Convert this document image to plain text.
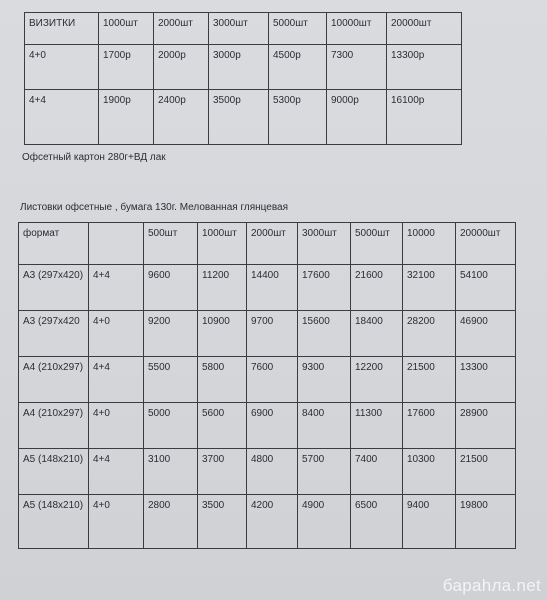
ВИЗИТКИ	1000шт	2000шт	3000шт	5000шт	10000шт	20000шт
4+0	1700р	2000р	3000р	4500р	7300	13300р
4+4	1900р	2400р	3500р	5300р	9000р	16100р
Офсетный картон 280г+ВД лак
Листовки офсетные , бумага 130г. Мелованная глянцевая
формат		500шт	1000шт	2000шт	3000шт	5000шт	10000	20000шт
А3 (297х420)	4+4	9600	11200	14400	17600	21600	32100	54100
А3 (297х420	4+0	9200	10900	9700	15600	18400	28200	46900
А4 (210х297)	4+4	5500	5800	7600	9300	12200	21500	13300
А4 (210х297)	4+0	5000	5600	6900	8400	11300	17600	28900
А5 (148х210)	4+4	3100	3700	4800	5700	7400	10300	21500
А5 (148х210)	4+0	2800	3500	4200	4900	6500	9400	19800
бараhла.net
